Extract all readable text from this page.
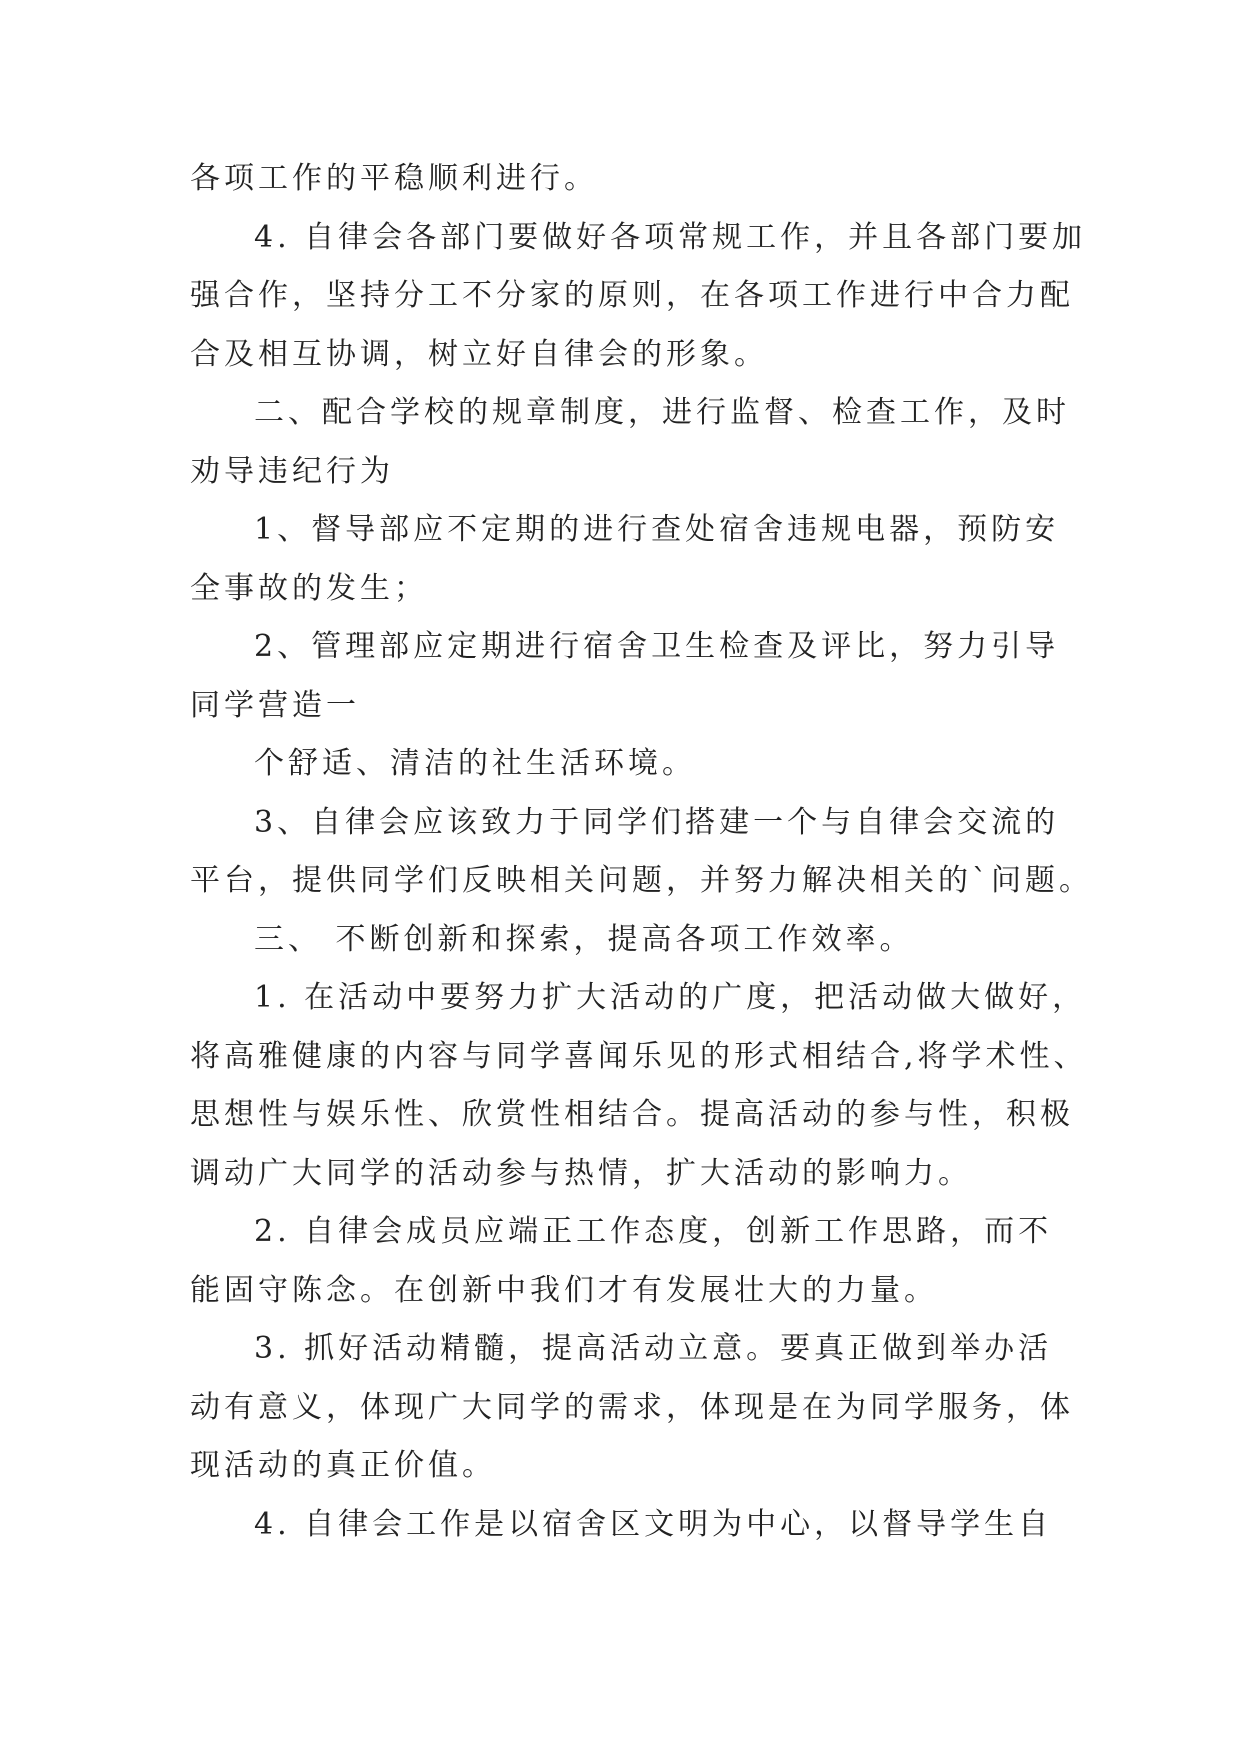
各项工作的平稳顺利进行。
4. 自律会各部门要做好各项常规工作，并且各部门要加
强合作，坚持分工不分家的原则，在各项工作进行中合力配
合及相互协调，树立好自律会的形象。
二、配合学校的规章制度，进行监督、检查工作，及时
劝导违纪行为
1、督导部应不定期的进行查处宿舍违规电器，预防安
全事故的发生；
2、管理部应定期进行宿舍卫生检查及评比，努力引导
同学营造一
个舒适、清洁的社生活环境。
3、自律会应该致力于同学们搭建一个与自律会交流的
平台，提供同学们反映相关问题，并努力解决相关的`问题。
三、 不断创新和探索，提高各项工作效率。
1. 在活动中要努力扩大活动的广度，把活动做大做好，
将高雅健康的内容与同学喜闻乐见的形式相结合,将学术性、
思想性与娱乐性、欣赏性相结合。提高活动的参与性，积极
调动广大同学的活动参与热情，扩大活动的影响力。
2. 自律会成员应端正工作态度，创新工作思路，而不
能固守陈念。在创新中我们才有发展壮大的力量。
3. 抓好活动精髓，提高活动立意。要真正做到举办活
动有意义，体现广大同学的需求，体现是在为同学服务，体
现活动的真正价值。
4. 自律会工作是以宿舍区文明为中心，以督导学生自
